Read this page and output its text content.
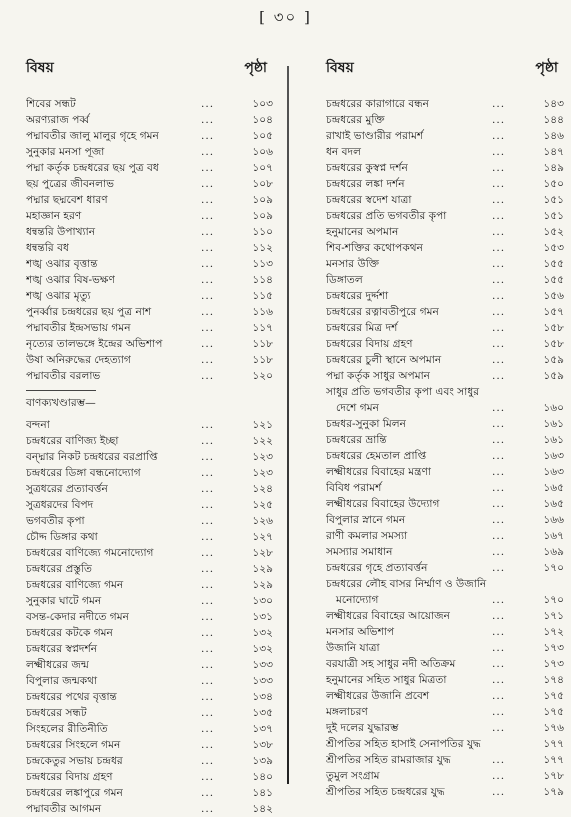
[ ৩০ ]
বিষয়	পৃষ্ঠা
শিবের সন্ধট	...	১০৩
অরণ্যরাজ পর্ব্ব	...	১০৪
পদ্মাবতীর জালু মালুর গৃহে গমন	...	১০৫
সুনুকার মনসা পূজা	...	১০৬
পদ্মা কর্তৃক চন্দ্রধরের ছয় পুত্র বধ	...	১০৭
ছয় পুত্রের জীবনলাভ	...	১০৮
পদ্মার ছদ্মবেশ ধারণ	...	১০৯
মহাজ্ঞান হরণ	...	১০৯
ধন্বন্তরি উপাখ্যান	...	১১০
ধন্বন্তরি বধ	...	১১২
শঙ্খ ওঝার বৃত্তান্ত	...	১১৩
শঙ্খ ওঝার বিষ-ভক্ষণ	...	১১৪
শঙ্খ ওঝার মৃত্যু	...	১১৫
পুনর্ব্বার চন্দ্রধরের ছয় পুত্র নাশ	...	১১৬
পদ্মাবতীর ইন্দ্রসভায় গমন	...	১১৭
নৃত্যের তালভঙ্গে ইন্দ্রের অভিশাপ	...	১১৮
উষা অনিরুদ্ধের দেহত্যাগ	...	১১৮
পদ্মাবতীর বরলাভ	...	১২০
বাণক্যখণ্ডারম্ভ—
বন্দনা	...	১২১
চন্দ্রধরের বাণিজ্য ইচ্ছা	...	১২২
বন্দ্মার নিকট চন্দ্রধরের বরপ্রাপ্তি	...	১২৩
চন্দ্রধরের ডিঙ্গা বন্ধনোদ্যোগ	...	১২৩
সুত্রধরের প্রত্যাবর্ত্তন	...	১২৪
সুত্রধরদের বিপদ	...	১২৫
ভগবতীর কৃপা	...	১২৬
চৌদ্দ ডিঙ্গার কথা	...	১২৭
চন্দ্রধরের বাণিজ্যে গমনোদ্যোগ	...	১২৮
চন্দ্রধরের প্রস্তুতি	...	১২৯
চন্দ্রধরের বাণিজ্যে গমন	...	১২৯
সুনুকার ঘাটে গমন	...	১৩০
বসন্ত-কেদার নদীতে গমন	...	১৩১
চন্দ্রধরের কটকে গমন	...	১৩২
চন্দ্রধরের স্বপ্নদর্শন	...	১৩২
লক্ষ্মীধরের জন্ম	...	১৩৩
বিপুলার জন্মকথা	...	১৩৩
চন্দ্রধরের পথের বৃত্তান্ত	...	১৩৪
চন্দ্রধরের সন্ধট	...	১৩৫
সিংহলের রীতিনীতি	...	১৩৭
চন্দ্রধরের সিংহলে গমন	...	১৩৮
চন্দ্রকেতুর সভায় চন্দ্রধর	...	১৩৯
চন্দ্রধরের বিদায় গ্রহণ	...	১৪০
চন্দ্রধরের লঙ্কাপুরে গমন	...	১৪১
পদ্মাবতীর আগমন	...	১৪২
বিষয়	পৃষ্ঠা
চন্দ্রধরের কারাগারে বন্ধন	...	১৪৩
চন্দ্রধরের মুক্তি	...	১৪৪
রাখাই ভাণ্ডারীর পরামর্শ	...	১৪৬
ধন বদল	...	১৪৭
চন্দ্রধরের কুস্বপ্ন দর্শন	...	১৪৯
চন্দ্রধরের লঙ্কা দর্শন	...	১৫০
চন্দ্রধরের স্বদেশ যাত্রা	...	১৫১
চন্দ্রধরের প্রতি ভগবতীর কৃপা	...	১৫১
হনুমানের অপমান	...	১৫২
শিব-শক্তির কথোপকথন	...	১৫৩
মনসার উক্তি	...	১৫৫
ডিঙ্গাতল	...	১৫৫
চন্দ্রধরের দুর্দ্দশা	...	১৫৬
চন্দ্রধরের রত্নাবতীপুরে গমন	...	১৫৭
চন্দ্রধরের মিত্র দর্শ	...	১৫৮
চন্দ্রধরের বিদায় গ্রহণ	...	১৫৮
চন্দ্রধরের চুলী স্থানে অপমান	...	১৫৯
পদ্মা কর্তৃক সাধুর অপমান	...	১৫৯
সাধুর প্রতি ভগবতীর কৃপা এবং সাধুর
দেশে গমন	...	১৬০
চন্দ্রধর-সুনুকা মিলন	...	১৬১
চন্দ্রধরের ভ্রান্তি	...	১৬১
চন্দ্রধরের হেমতাল প্রাপ্তি	...	১৬৩
লক্ষ্মীধরের বিবাহের মন্ত্রণা	...	১৬৩
বিবিধ পরামর্শ	...	১৬৫
লক্ষ্মীধরের বিবাহের উদ্যোগ	...	১৬৫
বিপুলার স্নানে গমন	...	১৬৬
রাণী কমলার সমস্যা	...	১৬৭
সমস্যার সমাধান	...	১৬৯
চন্দ্রধরের গৃহে প্রত্যাবর্ত্তন	...	১৭০
চন্দ্রধরের লৌহ বাসর নির্ম্মাণ ও উজানি
মনোদ্যোগ	...	১৭০
লক্ষ্মীধরের বিবাহের আয়োজন	...	১৭১
মনসার অভিশাপ	...	১৭২
উজানি যাত্রা	...	১৭৩
বরযাত্রী সহ সাধুর নদী অতিক্রম	...	১৭৩
হনুমানের সহিত সাধুর মিত্রতা	...	১৭৪
লক্ষ্মীধরের উজানি প্রবেশ	...	১৭৫
মঙ্গলাচরণ	...	১৭৫
দুই দলের যুদ্ধারম্ভ	...	১৭৬
শ্রীপতির সহিত হাসাই সেনাপতির যুদ্ধ	১৭৭
শ্রীপতির সহিত রামরাজার যুদ্ধ	...	১৭৭
তুমুল সংগ্রাম	...	১৭৮
শ্রীপতির সহিত চন্দ্রধরের যুদ্ধ	...	১৭৯
